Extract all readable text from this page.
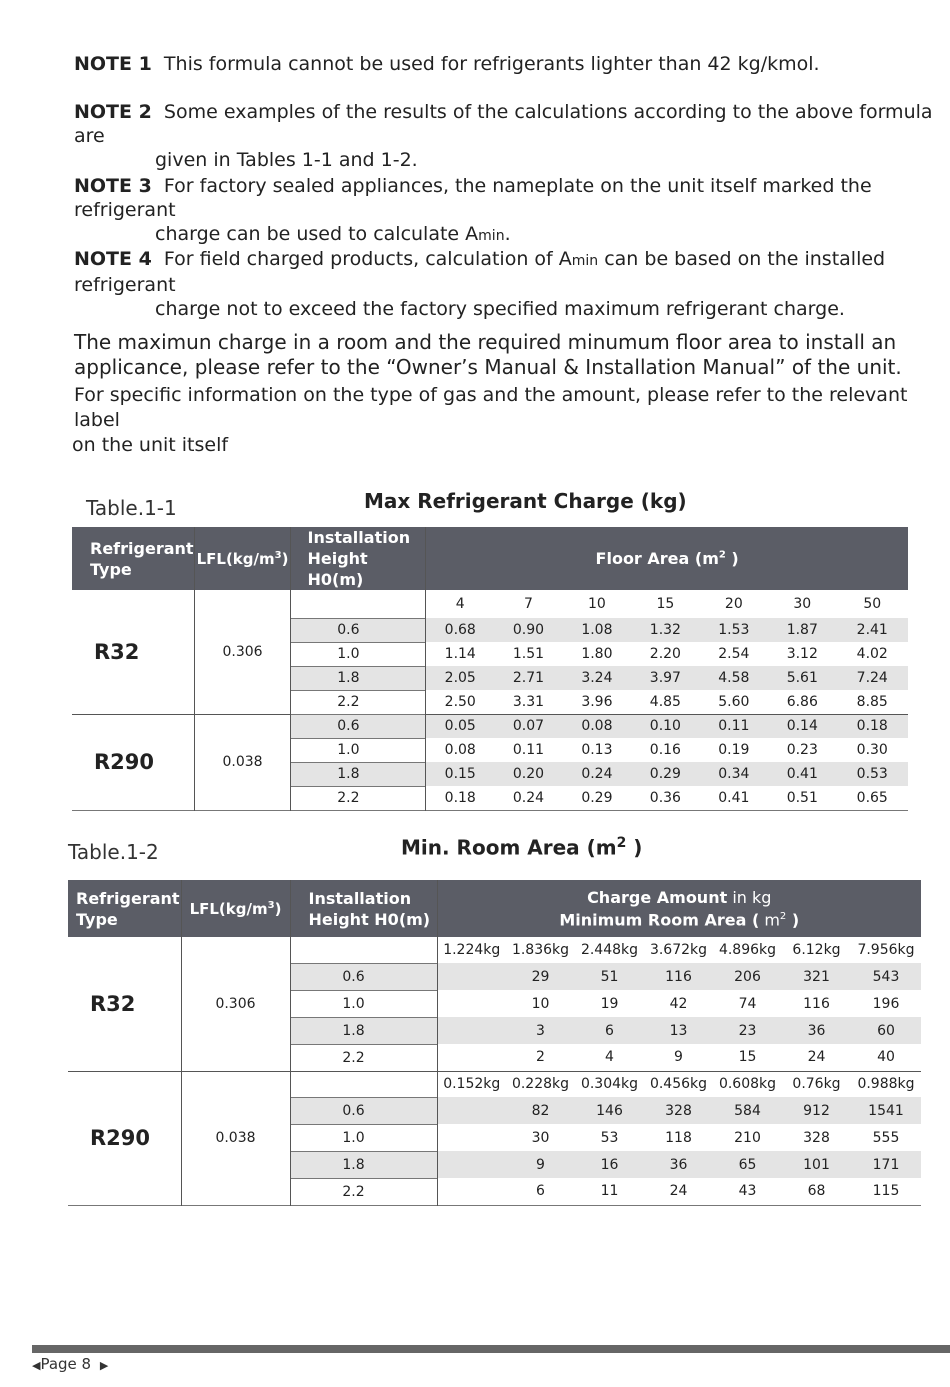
NOTE 1 This formula cannot be used for refrigerants lighter than 42 kg/kmol.
NOTE 2 Some examples of the results of the calculations according to the above formula are
given in Tables 1-1 and 1-2.
NOTE 3 For factory sealed appliances, the nameplate on the unit itself marked the refrigerant
charge can be used to calculate Amin.
NOTE 4 For field charged products, calculation of Amin can be based on the installed refrigerant
charge not to exceed the factory specified maximum refrigerant charge.
The maximun charge in a room and the required minumum floor area to install an
applicance, please refer to the “Owner’s Manual & Installation Manual” of the unit.
For specific information on the type of gas and the amount, please refer to the relevant label
on the unit itself
Table.1-1	Max Refrigerant Charge (kg)
Refrigerant Type	$LFL(kg/m^3)$	Installation Height H0(m)	Floor Area ($m^2$ )						
R32	0.306		4	7	10	15	20	30	50
		0.6	0.68	0.90	1.08	1.32	1.53	1.87	2.41
		1.0	1.14	1.51	1.80	2.20	2.54	3.12	4.02
		1.8	2.05	2.71	3.24	3.97	4.58	5.61	7.24
		2.2	2.50	3.31	3.96	4.85	5.60	6.86	8.85
R290	0.038	0.6	0.05	0.07	0.08	0.10	0.11	0.14	0.18
		1.0	0.08	0.11	0.13	0.16	0.19	0.23	0.30
		1.8	0.15	0.20	0.24	0.29	0.34	0.41	0.53
		2.2	0.18	0.24	0.29	0.36	0.41	0.51	0.65
Table.1-2	Min. Room Area ($m^2$ )
Refrigerant Type	$LFL(kg/m^3)$	Installation Height H0(m)	Charge Amount in kg
Minimum Room Area ( $m^2$ )						

R32	0.306		1.224kg	1.836kg	2.448kg	3.672kg	4.896kg	6.12kg	7.956kg
		0.6		29	51	116	206	321	543
		1.0		10	19	42	74	116	196
		1.8		3	6	13	23	36	60
		2.2		2	4	9	15	24	40
R290	0.038		0.152kg	0.228kg	0.304kg	0.456kg	0.608kg	0.76kg	0.988kg
		0.6		82	146	328	584	912	1541
		1.0		30	53	118	210	328	555
		1.8		9	16	36	65	101	171
		2.2		6	11	24	43	68	115
◀Page 8 ▶
